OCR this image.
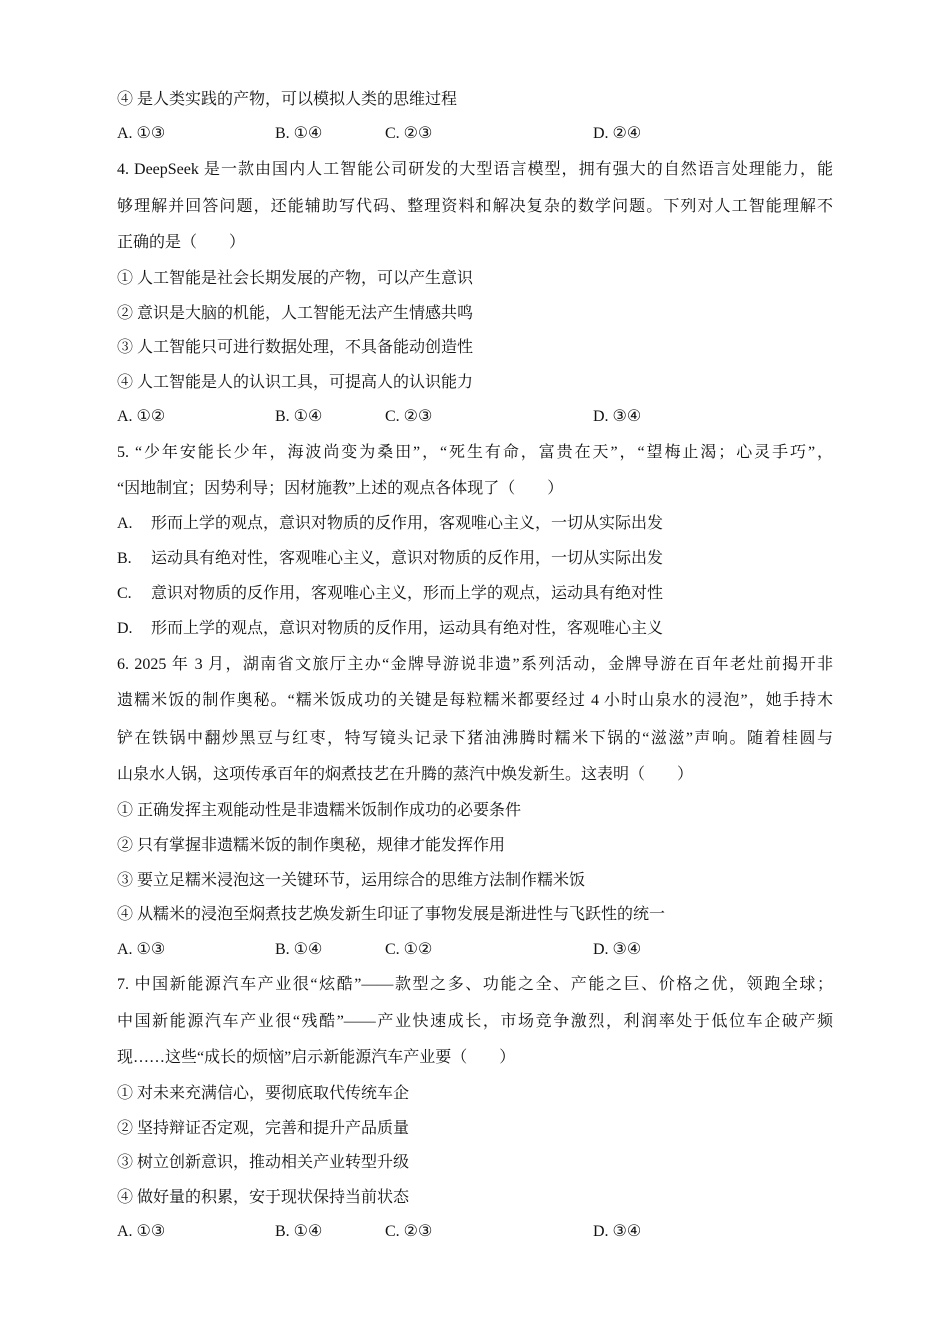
④ 是人类实践的产物，可以模拟人类的思维过程
A. ①③	B. ①④	C. ②③	D. ②④
4. DeepSeek 是一款由国内人工智能公司研发的大型语言模型，拥有强大的自然语言处理能力，能
够理解并回答问题，还能辅助写代码、整理资料和解决复杂的数学问题。下列对人工智能理解不
正确的是（　　）
① 人工智能是社会长期发展的产物，可以产生意识
② 意识是大脑的机能，人工智能无法产生情感共鸣
③ 人工智能只可进行数据处理，不具备能动创造性
④ 人工智能是人的认识工具，可提高人的认识能力
A. ①②	B. ①④	C. ②③	D. ③④
5. “少年安能长少年，海波尚变为桑田”，“死生有命，富贵在天”，“望梅止渴；心灵手巧”，
“因地制宜；因势利导；因材施教”上述的观点各体现了（　　）
A. 形而上学的观点，意识对物质的反作用，客观唯心主义，一切从实际出发
B. 运动具有绝对性，客观唯心主义，意识对物质的反作用，一切从实际出发
C. 意识对物质的反作用，客观唯心主义，形而上学的观点，运动具有绝对性
D. 形而上学的观点，意识对物质的反作用，运动具有绝对性，客观唯心主义
6. 2025 年 3 月，湖南省文旅厅主办“金牌导游说非遗”系列活动，金牌导游在百年老灶前揭开非
遗糯米饭的制作奥秘。“糯米饭成功的关键是每粒糯米都要经过 4 小时山泉水的浸泡”，她手持木
铲在铁锅中翻炒黑豆与红枣，特写镜头记录下猪油沸腾时糯米下锅的“滋滋”声响。随着桂圆与
山泉水人锅，这项传承百年的焖煮技艺在升腾的蒸汽中焕发新生。这表明（　　）
① 正确发挥主观能动性是非遗糯米饭制作成功的必要条件
② 只有掌握非遗糯米饭的制作奥秘，规律才能发挥作用
③ 要立足糯米浸泡这一关键环节，运用综合的思维方法制作糯米饭
④ 从糯米的浸泡至焖煮技艺焕发新生印证了事物发展是渐进性与飞跃性的统一
A. ①③	B. ①④	C. ①②	D. ③④
7. 中国新能源汽车产业很“炫酷”——款型之多、功能之全、产能之巨、价格之优，领跑全球；
中国新能源汽车产业很“残酷”——产业快速成长，市场竞争激烈，利润率处于低位车企破产频
现……这些“成长的烦恼”启示新能源汽车产业要（　　）
① 对未来充满信心，要彻底取代传统车企
② 坚持辩证否定观，完善和提升产品质量
③ 树立创新意识，推动相关产业转型升级
④ 做好量的积累，安于现状保持当前状态
A. ①③	B. ①④	C. ②③	D. ③④
